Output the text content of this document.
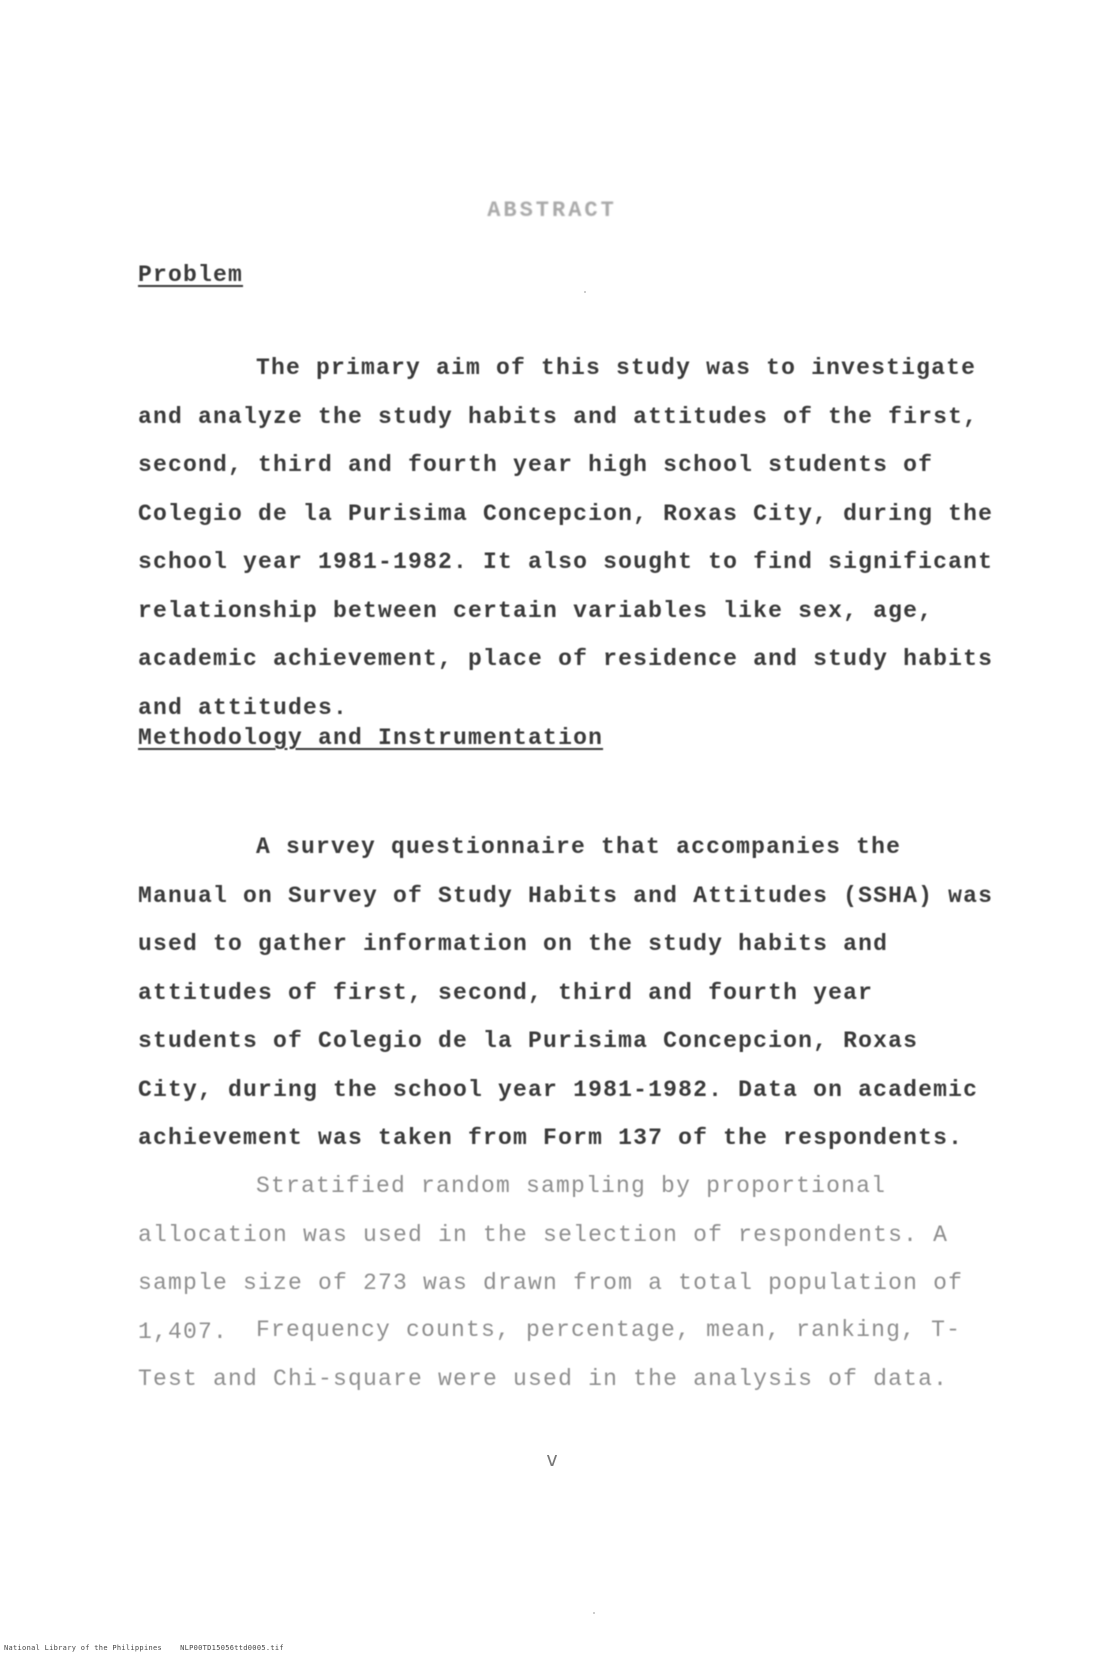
ABSTRACT
Problem

The primary aim of this study was to investigate and analyze the study habits and attitudes of the first, second, third and fourth year high school students of Colegio de la Purisima Concepcion, Roxas City, during the school year 1981-1982. It also sought to find significant relationship between certain variables like sex, age, academic achievement, place of residence and study habits and attitudes.

Methodology and Instrumentation

A survey questionnaire that accompanies the Manual on Survey of Study Habits and Attitudes (SSHA) was used to gather information on the study habits and attitudes of first, second, third and fourth year students of Colegio de la Purisima Concepcion, Roxas City, during the school year 1981-1982. Data on academic achievement was taken from Form 137 of the respondents.

Stratified random sampling by proportional allocation was used in the selection of respondents. A sample size of 273 was drawn from a total population of 1,407.	Frequency counts, percentage, mean, ranking, T-Test and Chi-square were used in the analysis of data.

v
National Library of the Philippines	NLP00TD15056ttd0005.tif
